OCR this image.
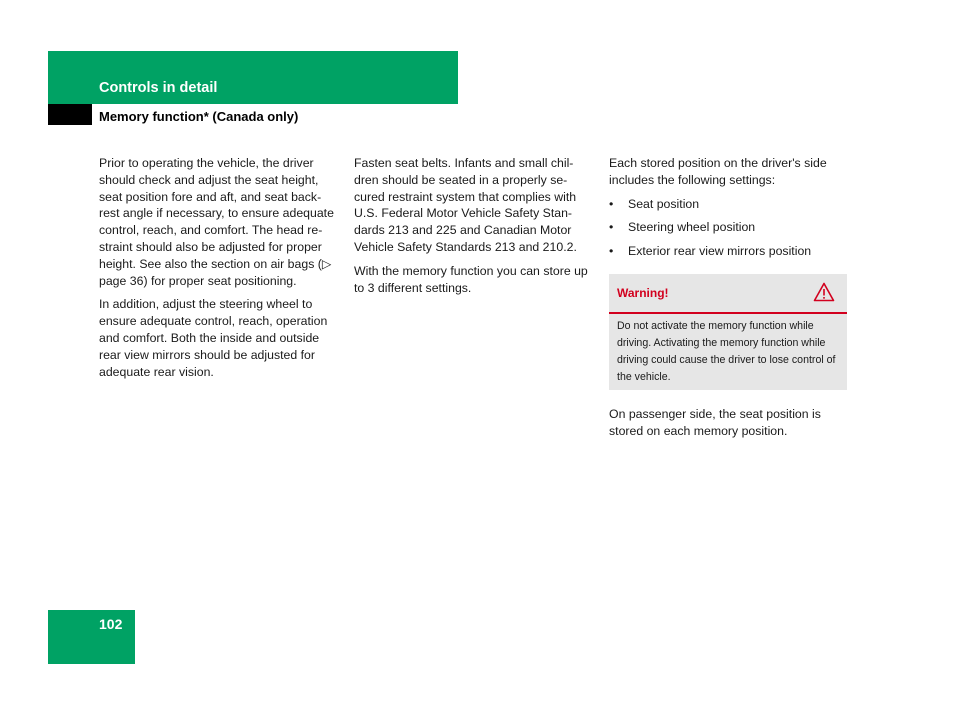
Controls in detail
Memory function* (Canada only)

Prior to operating the vehicle, the driver should check and adjust the seat height, seat position fore and aft, and seat back-rest angle if necessary, to ensure adequate control, reach, and comfort. The head re-straint should also be adjusted for proper height. See also the section on air bags (▷ page 36) for proper seat positioning.

In addition, adjust the steering wheel to ensure adequate control, reach, operation and comfort. Both the inside and outside rear view mirrors should be adjusted for adequate rear vision.

Fasten seat belts. Infants and small chil-dren should be seated in a properly se-cured restraint system that complies with U.S. Federal Motor Vehicle Safety Stan-dards 213 and 225 and Canadian Motor Vehicle Safety Standards 213 and 210.2.

With the memory function you can store up to 3 different settings.

Each stored position on the driver's side includes the following settings:

• Seat position
• Steering wheel position
• Exterior rear view mirrors position
Warning!
Do not activate the memory function while driving. Activating the memory function while driving could cause the driver to lose control of the vehicle.
On passenger side, the seat position is stored on each memory position.
102
